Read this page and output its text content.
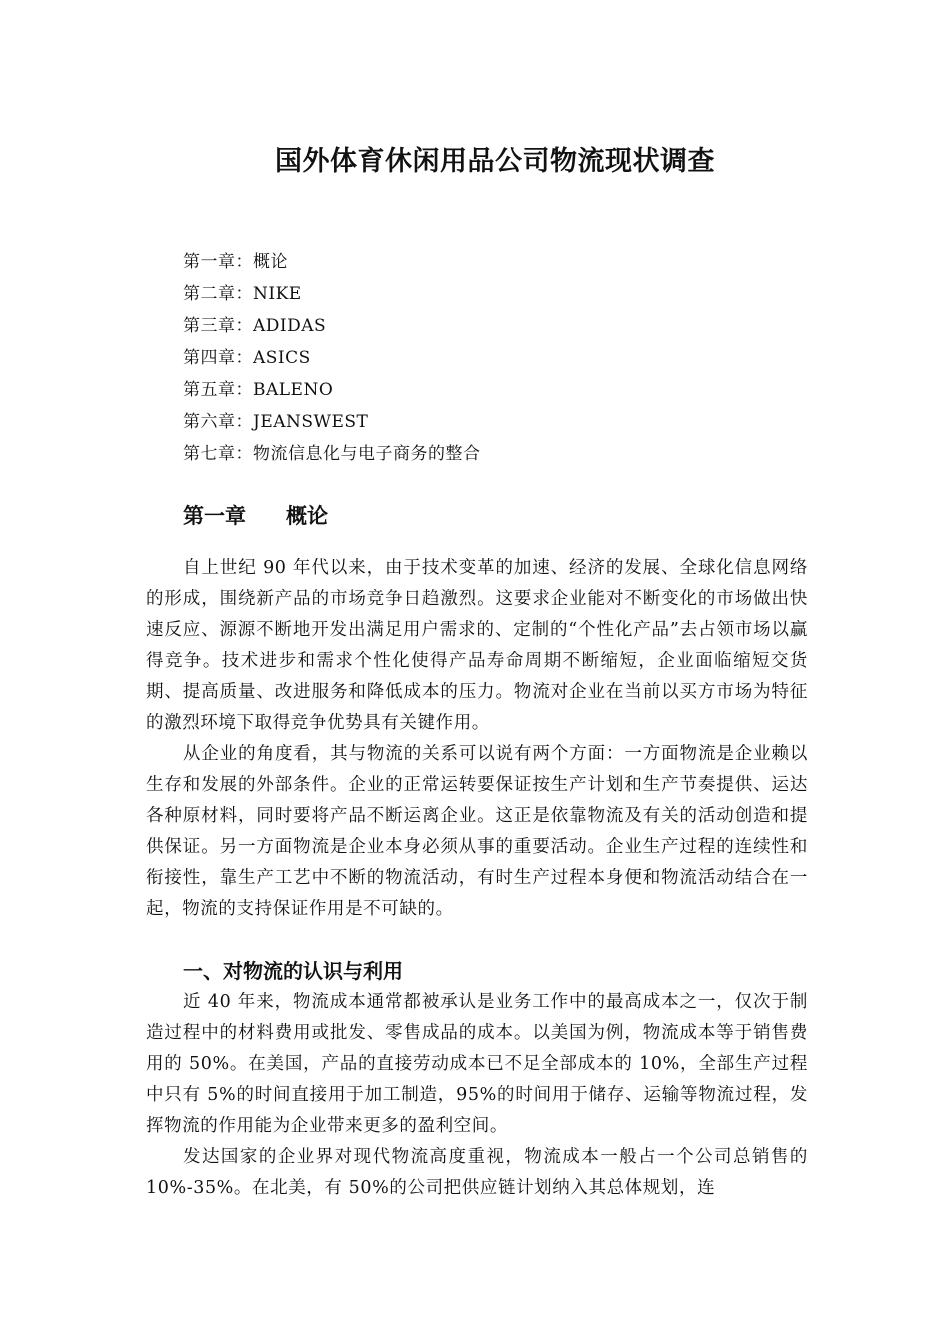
国外体育休闲用品公司物流现状调查
第一章：概论
第二章：NIKE
第三章：ADIDAS
第四章：ASICS
第五章：BALENO
第六章：JEANSWEST
第七章：物流信息化与电子商务的整合
第一章 概论

自上世纪 90 年代以来，由于技术变革的加速、经济的发展、全球化信息网络的形成，围绕新产品的市场竞争日趋激烈。这要求企业能对不断变化的市场做出快速反应、源源不断地开发出满足用户需求的、定制的“个性化产品”去占领市场以赢得竞争。技术进步和需求个性化使得产品寿命周期不断缩短，企业面临缩短交货期、提高质量、改进服务和降低成本的压力。物流对企业在当前以买方市场为特征的激烈环境下取得竞争优势具有关键作用。

从企业的角度看，其与物流的关系可以说有两个方面：一方面物流是企业赖以生存和发展的外部条件。企业的正常运转要保证按生产计划和生产节奏提供、运达各种原材料，同时要将产品不断运离企业。这正是依靠物流及有关的活动创造和提供保证。另一方面物流是企业本身必须从事的重要活动。企业生产过程的连续性和衔接性，靠生产工艺中不断的物流活动，有时生产过程本身便和物流活动结合在一起，物流的支持保证作用是不可缺的。

一、对物流的认识与利用

近 40 年来，物流成本通常都被承认是业务工作中的最高成本之一，仅次于制造过程中的材料费用或批发、零售成品的成本。以美国为例，物流成本等于销售费用的 50%。在美国，产品的直接劳动成本已不足全部成本的 10%，全部生产过程中只有 5%的时间直接用于加工制造，95%的时间用于储存、运输等物流过程，发挥物流的作用能为企业带来更多的盈利空间。

发达国家的企业界对现代物流高度重视，物流成本一般占一个公司总销售的 10%-35%。在北美，有 50%的公司把供应链计划纳入其总体规划，连
